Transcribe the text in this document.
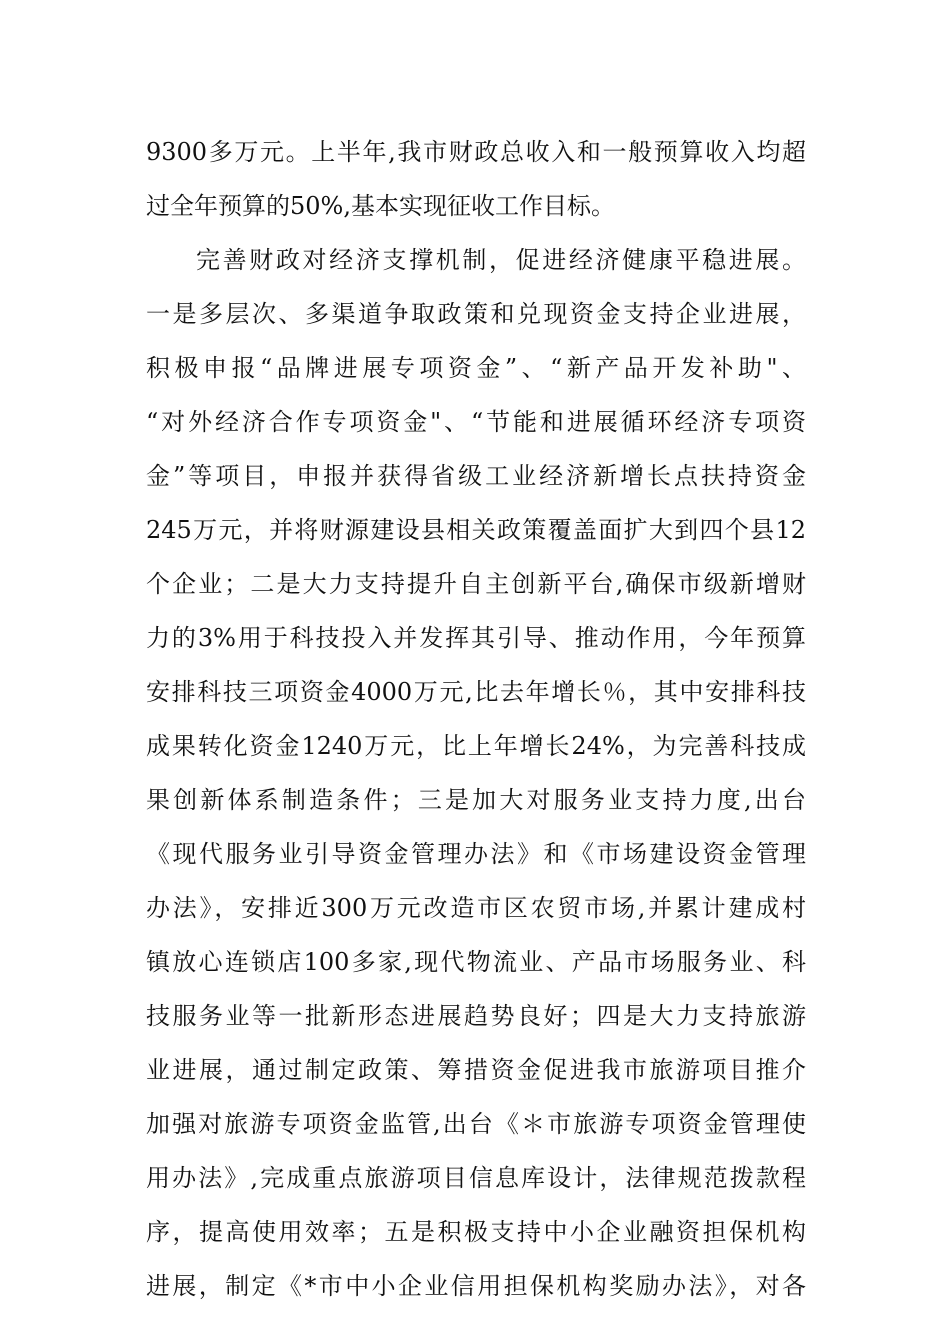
9300多万元。上半年,我市财政总收入和一般预算收入均超
过全年预算的50%,基本实现征收工作目标。
完善财政对经济支撑机制，促进经济健康平稳进展。
一是多层次、多渠道争取政策和兑现资金支持企业进展，
积极申报“品牌进展专项资金”、“新产品开发补助"、
“对外经济合作专项资金"、“节能和进展循环经济专项资
金”等项目，申报并获得省级工业经济新增长点扶持资金
245万元，并将财源建设县相关政策覆盖面扩大到四个县12
个企业；二是大力支持提升自主创新平台,确保市级新增财
力的3%用于科技投入并发挥其引导、推动作用，今年预算
安排科技三项资金4000万元,比去年增长％，其中安排科技
成果转化资金1240万元，比上年增长24%，为完善科技成
果创新体系制造条件；三是加大对服务业支持力度,出台
《现代服务业引导资金管理办法》和《市场建设资金管理
办法》，安排近300万元改造市区农贸市场,并累计建成村
镇放心连锁店100多家,现代物流业、产品市场服务业、科
技服务业等一批新形态进展趋势良好；四是大力支持旅游
业进展，通过制定政策、筹措资金促进我市旅游项目推介
加强对旅游专项资金监管,出台《＊市旅游专项资金管理使
用办法》,完成重点旅游项目信息库设计，法律规范拨款程
序，提高使用效率；五是积极支持中小企业融资担保机构
进展，制定《*市中小企业信用担保机构奖励办法》，对各
